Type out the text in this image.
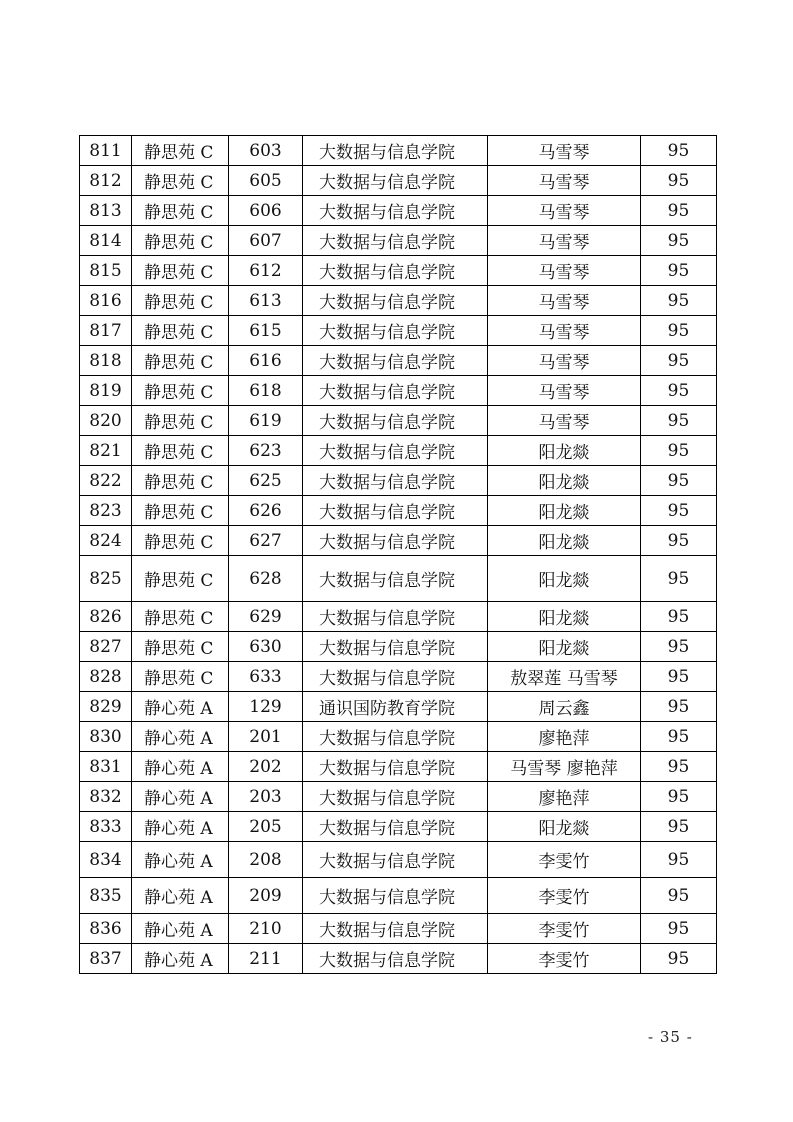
811	静思苑 C	603	大数据与信息学院	马雪琴	95
812	静思苑 C	605	大数据与信息学院	马雪琴	95
813	静思苑 C	606	大数据与信息学院	马雪琴	95
814	静思苑 C	607	大数据与信息学院	马雪琴	95
815	静思苑 C	612	大数据与信息学院	马雪琴	95
816	静思苑 C	613	大数据与信息学院	马雪琴	95
817	静思苑 C	615	大数据与信息学院	马雪琴	95
818	静思苑 C	616	大数据与信息学院	马雪琴	95
819	静思苑 C	618	大数据与信息学院	马雪琴	95
820	静思苑 C	619	大数据与信息学院	马雪琴	95
821	静思苑 C	623	大数据与信息学院	阳龙燚	95
822	静思苑 C	625	大数据与信息学院	阳龙燚	95
823	静思苑 C	626	大数据与信息学院	阳龙燚	95
824	静思苑 C	627	大数据与信息学院	阳龙燚	95
825	静思苑 C	628	大数据与信息学院	阳龙燚	95
826	静思苑 C	629	大数据与信息学院	阳龙燚	95
827	静思苑 C	630	大数据与信息学院	阳龙燚	95
828	静思苑 C	633	大数据与信息学院	敖翠莲 马雪琴	95
829	静心苑 A	129	通识国防教育学院	周云鑫	95
830	静心苑 A	201	大数据与信息学院	廖艳萍	95
831	静心苑 A	202	大数据与信息学院	马雪琴 廖艳萍	95
832	静心苑 A	203	大数据与信息学院	廖艳萍	95
833	静心苑 A	205	大数据与信息学院	阳龙燚	95
834	静心苑 A	208	大数据与信息学院	李雯竹	95
835	静心苑 A	209	大数据与信息学院	李雯竹	95
836	静心苑 A	210	大数据与信息学院	李雯竹	95
837	静心苑 A	211	大数据与信息学院	李雯竹	95
- 35 -
